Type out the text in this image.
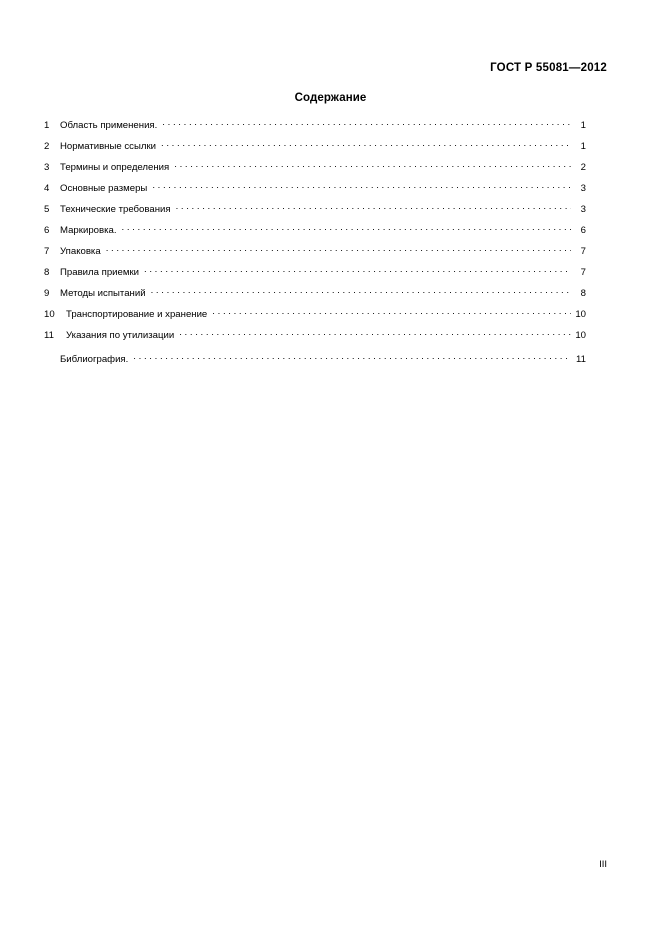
ГОСТ Р 55081—2012
Содержание
1	Область применения. . . .	1
2	Нормативные ссылки . . .	1
3	Термины и определения . . .	2
4	Основные размеры . . .	3
5	Технические требования . . .	3
6	Маркировка. . . .	6
7	Упаковка . . .	7
8	Правила приемки . . .	7
9	Методы испытаний . . .	8
10	Транспортирование и хранение . . .	10
11	Указания по утилизации . . .	10
Библиография. . . .	11
III
